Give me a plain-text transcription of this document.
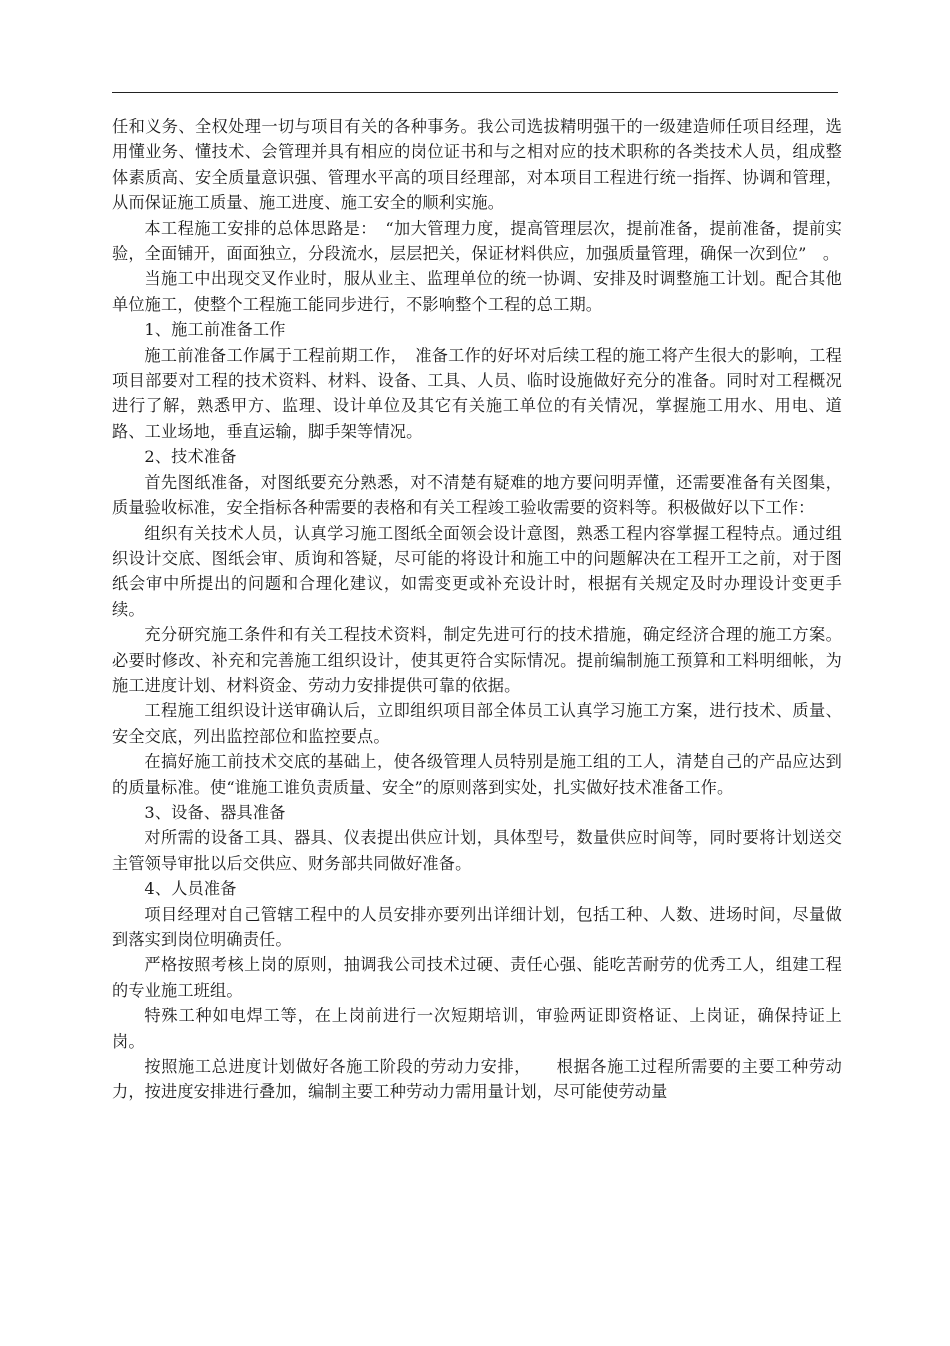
任和义务、全权处理一切与项目有关的各种事务。我公司选拔精明强干的一级建造师任项目经理，选用懂业务、懂技术、会管理并具有相应的岗位证书和与之相对应的技术职称的各类技术人员，组成整体素质高、安全质量意识强、管理水平高的项目经理部，对本项目工程进行统一指挥、协调和管理，从而保证施工质量、施工进度、施工安全的顺利实施。

本工程施工安排的总体思路是：　“加大管理力度，提高管理层次，提前准备，提前准备，提前实验，全面铺开，面面独立，分段流水，层层把关，保证材料供应，加强质量管理，确保一次到位”　。

当施工中出现交叉作业时，服从业主、监理单位的统一协调、安排及时调整施工计划。配合其他单位施工，使整个工程施工能同步进行，不影响整个工程的总工期。

1、施工前准备工作

施工前准备工作属于工程前期工作，　准备工作的好坏对后续工程的施工将产生很大的影响，工程项目部要对工程的技术资料、材料、设备、工具、人员、临时设施做好充分的准备。同时对工程概况进行了解，熟悉甲方、监理、设计单位及其它有关施工单位的有关情况，掌握施工用水、用电、道路、工业场地，垂直运输，脚手架等情况。

2、技术准备

首先图纸准备，对图纸要充分熟悉，对不清楚有疑难的地方要问明弄懂，还需要准备有关图集，质量验收标准，安全指标各种需要的表格和有关工程竣工验收需要的资料等。积极做好以下工作：

组织有关技术人员，认真学习施工图纸全面领会设计意图，熟悉工程内容掌握工程特点。通过组织设计交底、图纸会审、质询和答疑，尽可能的将设计和施工中的问题解决在工程开工之前，对于图纸会审中所提出的问题和合理化建议，如需变更或补充设计时，根据有关规定及时办理设计变更手续。

充分研究施工条件和有关工程技术资料，制定先进可行的技术措施，确定经济合理的施工方案。必要时修改、补充和完善施工组织设计，使其更符合实际情况。提前编制施工预算和工料明细帐，为施工进度计划、材料资金、劳动力安排提供可靠的依据。

工程施工组织设计送审确认后，立即组织项目部全体员工认真学习施工方案，进行技术、质量、安全交底，列出监控部位和监控要点。

在搞好施工前技术交底的基础上，使各级管理人员特别是施工组的工人，清楚自己的产品应达到的质量标准。使“谁施工谁负责质量、安全”的原则落到实处，扎实做好技术准备工作。

3、设备、器具准备

对所需的设备工具、器具、仪表提出供应计划，具体型号，数量供应时间等，同时要将计划送交主管领导审批以后交供应、财务部共同做好准备。

4、人员准备

项目经理对自己管辖工程中的人员安排亦要列出详细计划，包括工种、人数、进场时间，尽量做到落实到岗位明确责任。

严格按照考核上岗的原则，抽调我公司技术过硬、责任心强、能吃苦耐劳的优秀工人，组建工程的专业施工班组。

特殊工种如电焊工等，在上岗前进行一次短期培训，审验两证即资格证、上岗证，确保持证上岗。

按照施工总进度计划做好各施工阶段的劳动力安排，　　根据各施工过程所需要的主要工种劳动力，按进度安排进行叠加，编制主要工种劳动力需用量计划，尽可能使劳动量
